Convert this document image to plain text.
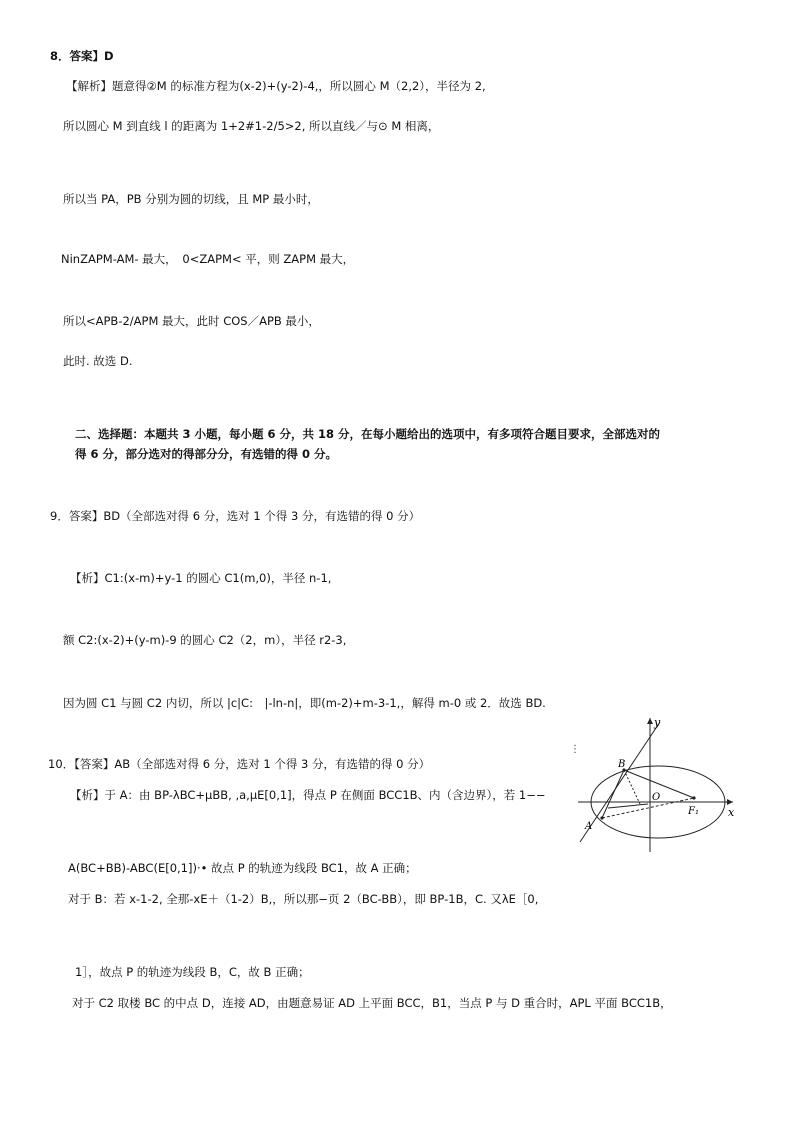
8．答案】D
【解析】题意得②M 的标准方程为(x-2)+(y-2)-4,，所以圆心 M（2,2），半径为 2,
所以圆心 M 到直线 l 的距离为 1+2#1-2/5>2, 所以直线／与⊙ M 相离，
所以当 PA，PB 分别为圆的切线，且 MP 最小时，
NinZAPM-AM- 最大，　0<ZAPM< 平，则 ZAPM 最大，
所以<APB-2/APM 最大，此时 COS／APB 最小，
此时. 故选 D.
二、选择题：本题共 3 小题，每小题 6 分，共 18 分，在每小题给出的选项中，有多项符合题目要求，全部选对的
得 6 分，部分选对的得部分分，有选错的得 0 分。
9．答案】BD（全部选对得 6 分，选对 1 个得 3 分，有选错的得 0 分）
【析】C1:(x-m)+y-1 的圆心 C1(m,0)，半径 n-1,
额 C2:(x-2)+(y-m)-9 的圆心 C2（2，m），半径 r2-3,
因为圆 C1 与圆 C2 内切，所以 |c|C:　|-ln-n|，即(m-2)+m-3-1,，解得 m-0 或 2．故选 BD.
10．【答案】AB（全部选对得 6 分，选对 1 个得 3 分，有选错的得 0 分）
【析】于 A：由 BP-λBC+μBB, ,a,μE[0,1]，得点 P 在侧面 BCC1B、内（含边界），若 1−−
A(BC+BB)-ABC(E[0,1])·• 故点 P 的轨迹为线段 BC1，故 A 正确；
对于 B：若 x-1-2, 全那-xE＋（1-2）B,，所以那−页 2（BC-BB），即 BP-1B，C. 又λE［0,
1］，故点 P 的轨迹为线段 B，C，故 B 正确；
对于 C2 取楼 BC 的中点 D，连接 AD，由题意易证 AD 上平面 BCC，B1，当点 P 与 D 重合时，APL 平面 BCC1B，
⋮
y
x
B
O
A
F₁
